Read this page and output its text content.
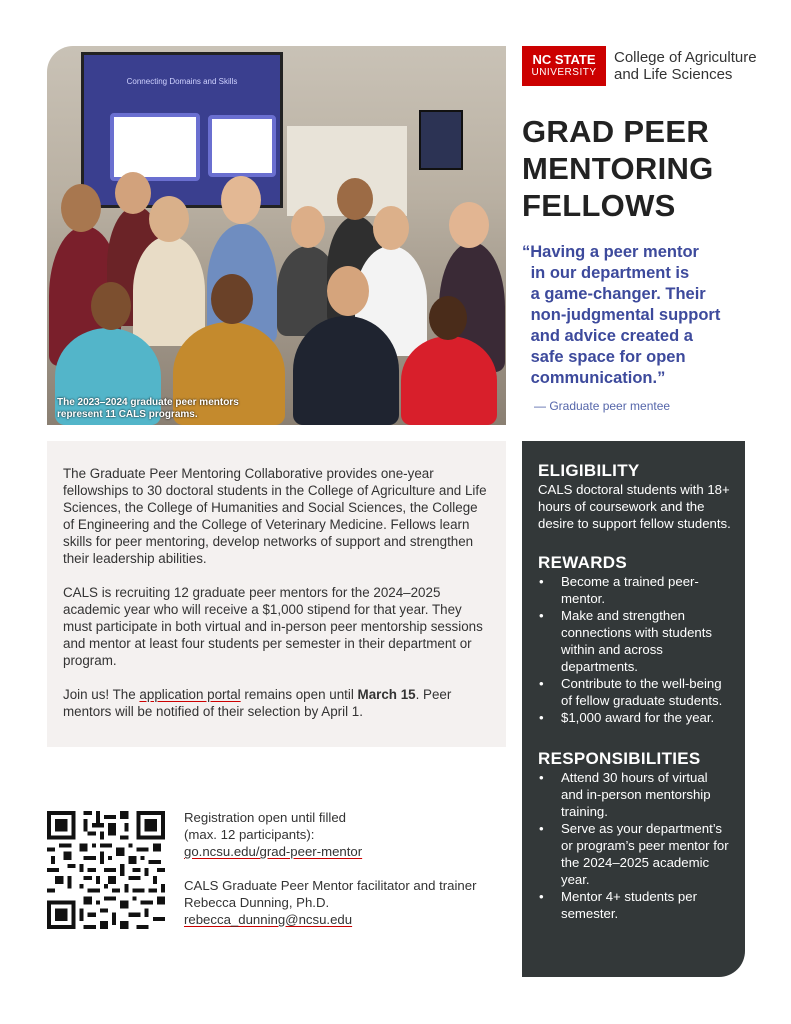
Connecting Domains and Skills
The 2023–2024 graduate peer mentors
represent 11 CALS programs.
NC STATE
UNIVERSITY
College of Agriculture
and Life Sciences
GRAD PEER
MENTORING
FELLOWS
“Having a peer mentor
in our department is
a game-changer. Their
non-judgmental support
and advice created a
safe space for open
communication.”
— Graduate peer mentee

The Graduate Peer Mentoring Collaborative provides one-year fellowships to 30 doctoral students in the College of Agriculture and Life Sciences, the College of Humanities and Social Sciences, the College of Engineering and the College of Veterinary Medicine. Fellows learn skills for peer mentoring, develop networks of support and strengthen their leadership abilities.

CALS is recruiting 12 graduate peer mentors for the 2024–2025 academic year who will receive a $1,000 stipend for that year. They must participate in both virtual and in-person peer mentorship sessions and mentor at least four students per semester in their department or program.

Join us! The application portal remains open until March 15. Peer mentors will be notified of their selection by April 1.

ELIGIBILITY
CALS doctoral students with 18+ hours of coursework and the desire to support fellow students.
REWARDS
• Become a trained peer-mentor.
• Make and strengthen connections with students within and across departments.
• Contribute to the well-being of fellow graduate students.
• $1,000 award for the year.
RESPONSIBILITIES
• Attend 30 hours of virtual and in-person mentorship training.
• Serve as your department’s or program’s peer mentor for the 2024–2025 academic year.
• Mentor 4+ students per semester.

Registration open until filled
(max. 12 participants):
go.ncsu.edu/grad-peer-mentor

CALS Graduate Peer Mentor facilitator and trainer
Rebecca Dunning, Ph.D.
rebecca_dunning@ncsu.edu
